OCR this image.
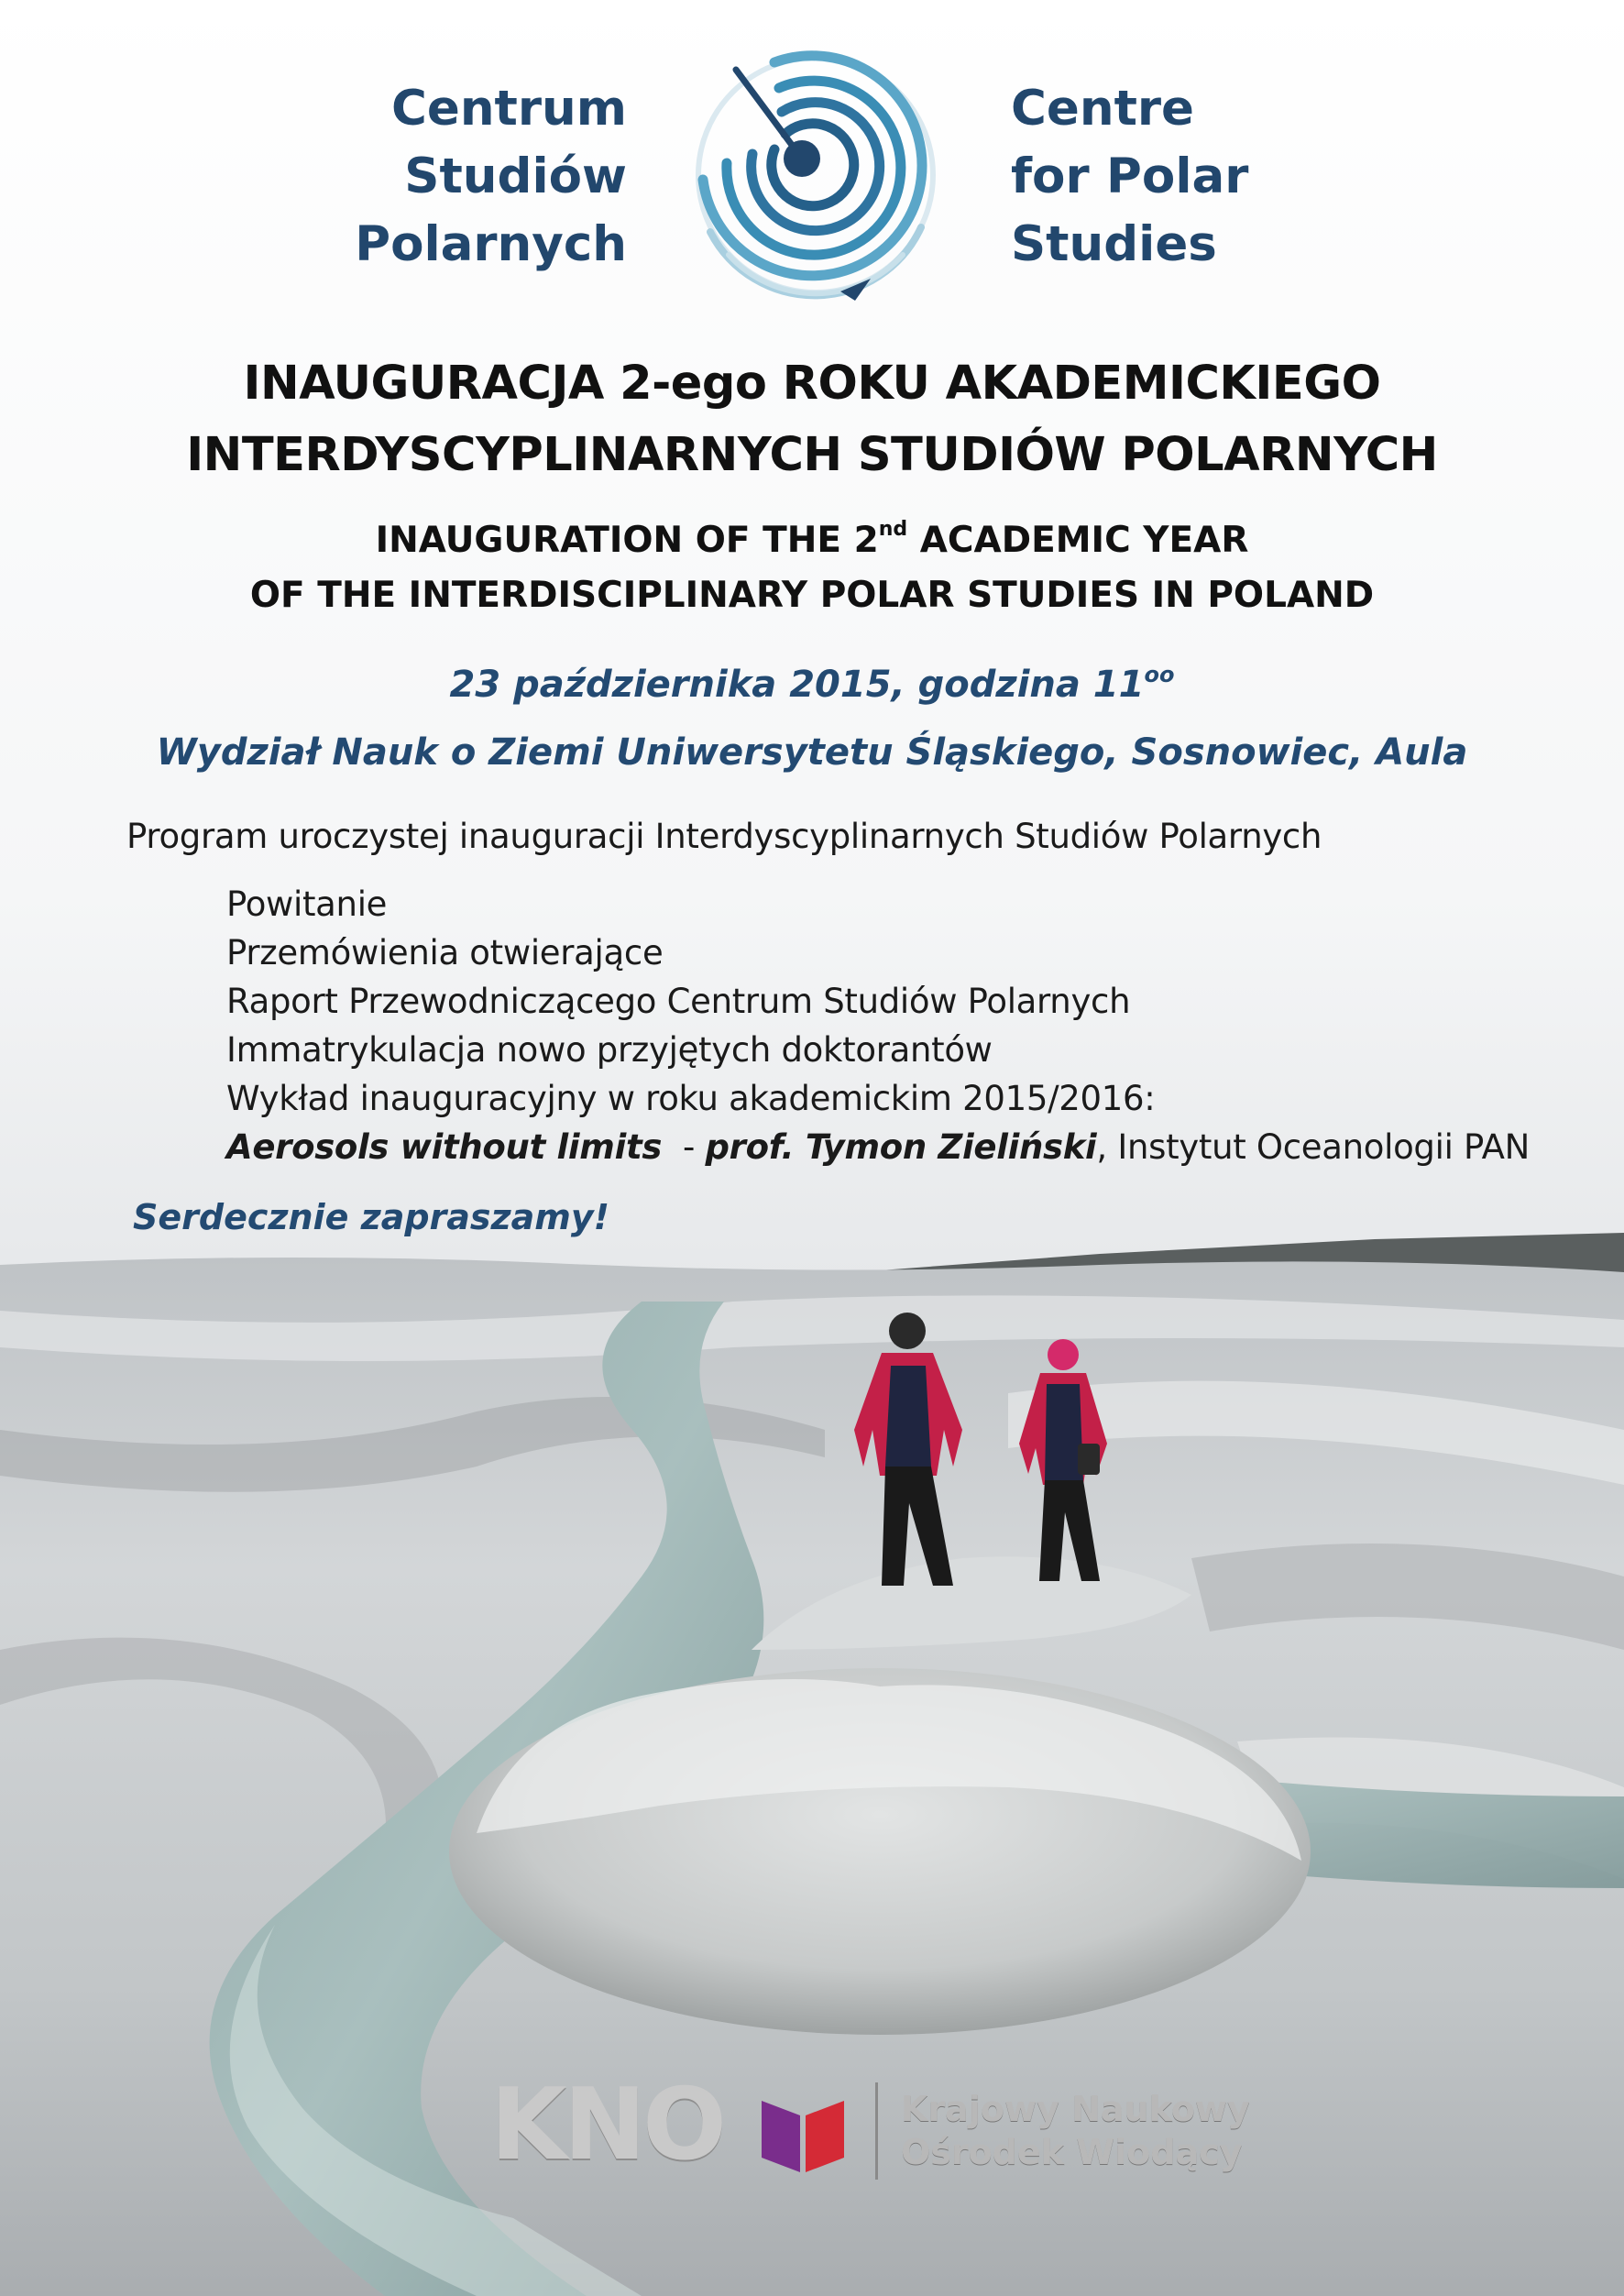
Centrum
Studiów
Polarnych
Centre
for Polar
Studies
INAUGURACJA 2-ego ROKU AKADEMICKIEGO
INTERDYSCYPLINARNYCH STUDIÓW POLARNYCH
INAUGURATION OF THE 2nd ACADEMIC YEAR
OF THE INTERDISCIPLINARY POLAR STUDIES IN POLAND
23 października 2015, godzina $11^{oo}$
Wydział Nauk o Ziemi Uniwersytetu Śląskiego, Sosnowiec, Aula
Program uroczystej inauguracji Interdyscyplinarnych Studiów Polarnych
Powitanie
Przemówienia otwierające
Raport Przewodniczącego Centrum Studiów Polarnych
Immatrykulacja nowo przyjętych doktorantów
Wykład inauguracyjny w roku akademickim 2015/2016:
Aerosols without limits  - prof. Tymon Zieliński, Instytut Oceanologii PAN
Serdecznie zapraszamy!
KNO	Krajowy Naukowy
Ośrodek Wiodący
